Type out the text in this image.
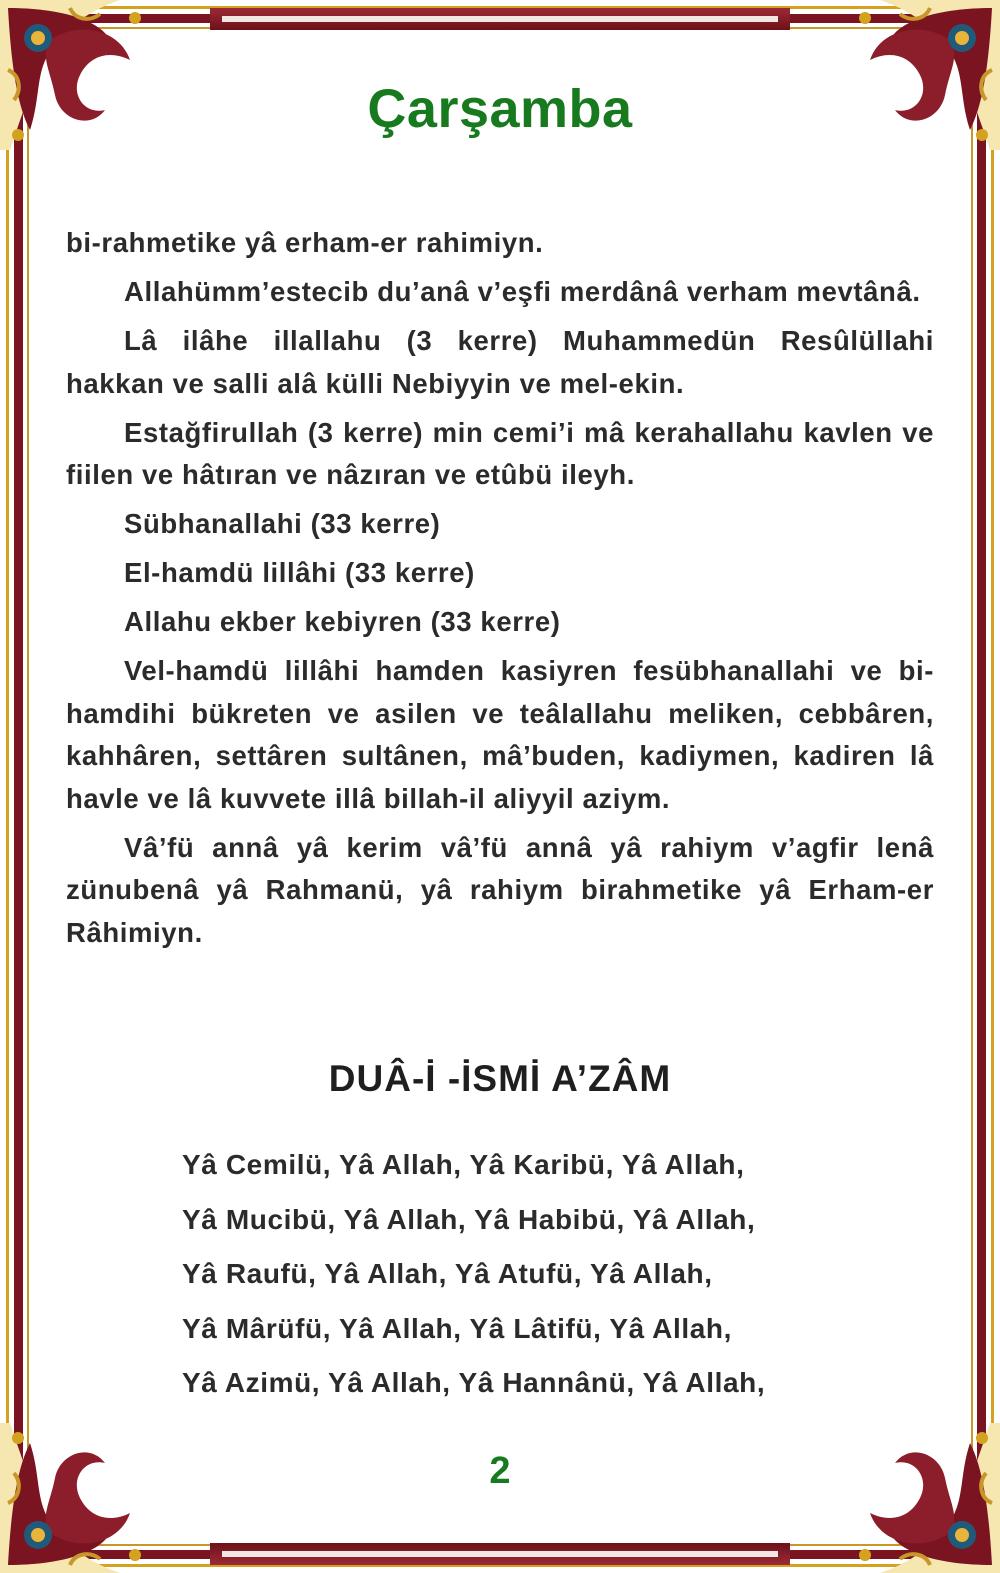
Çarşamba

bi-rahmetike yâ erham-er rahimiyn.

Allahümm’estecib du’anâ v’eşfi merdânâ verham mevtânâ.

Lâ ilâhe illallahu (3 kerre) Muhammedün Resûlüllahi hakkan ve salli alâ külli Nebiyyin ve mel-ekin.

Estağfirullah (3 kerre) min cemi’i mâ kerahallahu kavlen ve fiilen ve hâtıran ve nâzıran ve etûbü ileyh.

Sübhanallahi (33 kerre)

El-hamdü lillâhi (33 kerre)

Allahu ekber kebiyren (33 kerre)

Vel-hamdü lillâhi hamden kasiyren fesübhanallahi ve bi-hamdihi bükreten ve asilen ve teâlallahu meliken, cebbâren, kahhâren, settâren sultânen, mâ’buden, kadiymen, kadiren lâ havle ve lâ kuvvete illâ billah-il aliyyil aziym.

Vâ’fü annâ yâ kerim vâ’fü annâ yâ rahiym v’agfir lenâ zünubenâ yâ Rahmanü, yâ rahiym birahmetike yâ Erham-er Râhimiyn.

DUÂ-İ -İSMİ A’ZÂM
Yâ Cemilü, Yâ Allah, Yâ Karibü, Yâ Allah,
Yâ Mucibü, Yâ Allah, Yâ Habibü, Yâ Allah,
Yâ Raufü, Yâ Allah, Yâ Atufü, Yâ Allah,
Yâ Mârüfü, Yâ Allah, Yâ Lâtifü, Yâ Allah,
Yâ Azimü, Yâ Allah, Yâ Hannânü, Yâ Allah,
2
